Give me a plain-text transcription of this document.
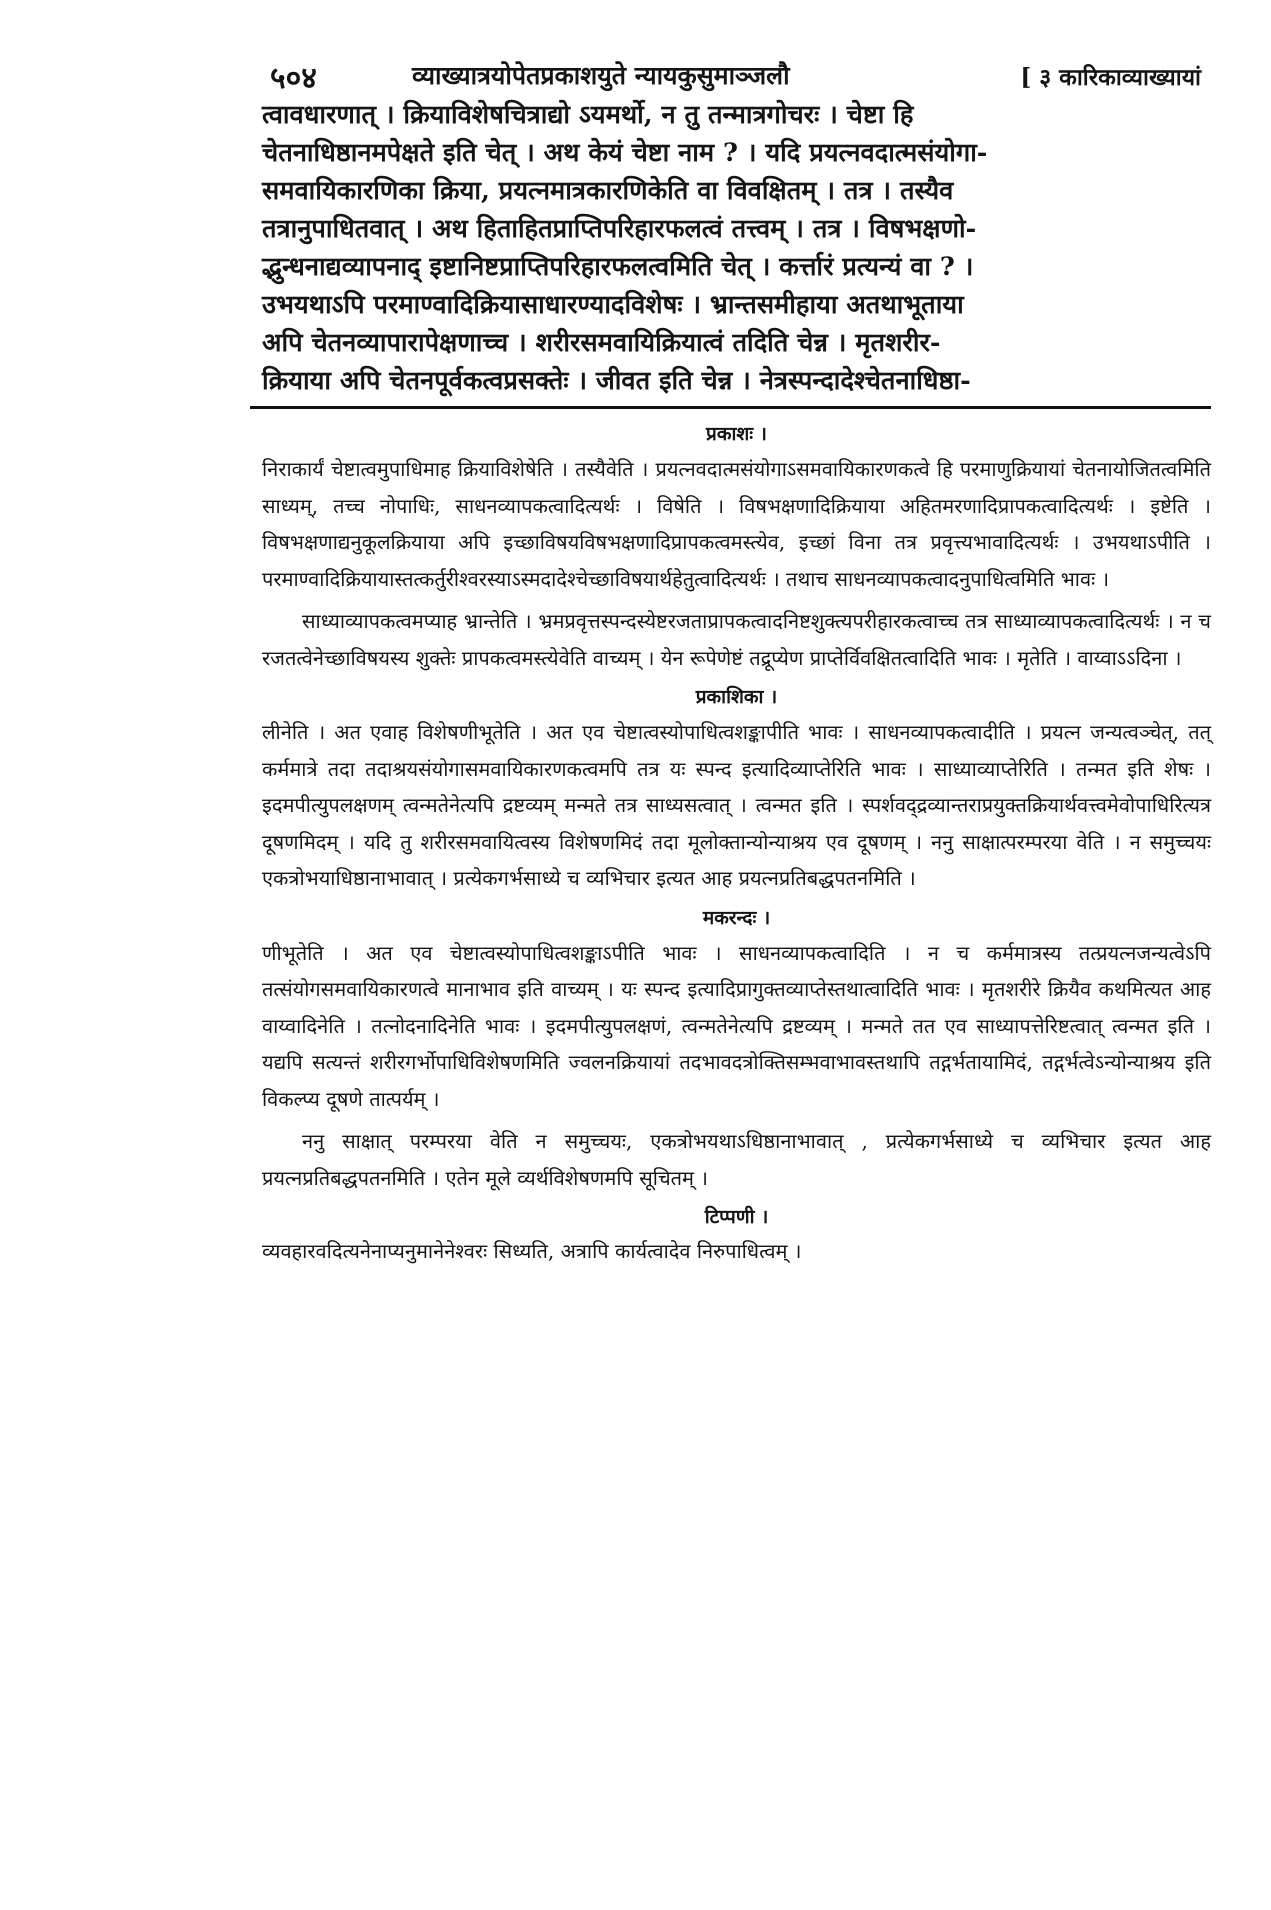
५०४	व्याख्यात्रयोपेतप्रकाशयुते न्यायकुसुमाञ्जलौ	[ ३ कारिकाव्याख्यायां

त्वावधारणात् । क्रियाविशेषचित्राद्यो ऽयमर्थो, न तु तन्मात्रगोचरः । चेष्टा हि

चेतनाधिष्ठानमपेक्षते इति चेत् । अथ केयं चेष्टा नाम ? । यदि प्रयत्नवदात्मसंयोगा-

समवायिकारणिका क्रिया, प्रयत्नमात्रकारणिकेति वा विवक्षितम् । तत्र । तस्यैव

तत्रानुपाधितवात् । अथ हिताहितप्राप्तिपरिहारफलत्वं तत्त्वम् । तत्र । विषभक्षणो-

द्भुन्धनाद्यव्यापनाद् इष्टानिष्टप्राप्तिपरिहारफलत्वमिति चेत् । कर्त्तारं प्रत्यन्यं वा ? ।

उभयथाऽपि परमाण्वादिक्रियासाधारण्यादविशेषः । भ्रान्तसमीहाया अतथाभूताया

अपि चेतनव्यापारापेक्षणाच्च । शरीरसमवायिक्रियात्वं तदिति चेन्न । मृतशरीर-

क्रियाया अपि चेतनपूर्वकत्वप्रसक्तेः । जीवत इति चेन्न । नेत्रस्पन्दादेश्चेतनाधिष्ठा-

प्रकाशः ।

निराकार्यं चेष्टात्वमुपाधिमाह क्रियाविशेषेति । तस्यैवेति । प्रयत्नवदात्मसंयोगाऽसमवायिकारणकत्वे हि परमाणुक्रियायां चेतनायोजितत्वमिति साध्यम्, तच्च नोपाधिः, साधनव्यापकत्वादित्यर्थः । विषेति । विषभक्षणादिक्रियाया अहितमरणादिप्रापकत्वादित्यर्थः । इष्टेति । विषभक्षणाद्यनुकूलक्रियाया अपि इच्छाविषयविषभक्षणादिप्रापकत्वमस्त्येव, इच्छां विना तत्र प्रवृत्त्यभावादित्यर्थः । उभयथाऽपीति । परमाण्वादिक्रियायास्तत्कर्तुरीश्वरस्याऽस्मदादेश्चेच्छाविषयार्थहेतुत्वादित्यर्थः । तथाच साधनव्यापकत्वादनुपाधित्वमिति भावः ।

साध्याव्यापकत्वमप्याह भ्रान्तेति । भ्रमप्रवृत्तस्पन्दस्येष्टरजताप्रापकत्वादनिष्टशुक्त्यपरीहारकत्वाच्च तत्र साध्याव्यापकत्वादित्यर्थः । न च रजतत्वेनेच्छाविषयस्य शुक्तेः प्रापकत्वमस्त्येवेति वाच्यम् । येन रूपेणेष्टं तद्रूप्येण प्राप्तेर्विवक्षितत्वादिति भावः । मृतेति । वाय्वाऽऽदिना ।

प्रकाशिका ।

लीनेति । अत एवाह विशेषणीभूतेति । अत एव चेष्टात्वस्योपाधित्वशङ्कापीति भावः । साधनव्यापकत्वादीति । प्रयत्न जन्यत्वञ्चेत्, तत् कर्ममात्रे तदा तदाश्रयसंयोगासमवायिकारणकत्वमपि तत्र यः स्पन्द इत्यादिव्याप्तेरिति भावः । साध्याव्याप्तेरिति । तन्मत इति शेषः । इदमपीत्युपलक्षणम् त्वन्मतेनेत्यपि द्रष्टव्यम् मन्मते तत्र साध्यसत्वात् । त्वन्मत इति । स्पर्शवद्द्रव्यान्तराप्रयुक्तक्रियार्थवत्त्वमेवोपाधिरित्यत्र दूषणमिदम् । यदि तु शरीरसमवायित्वस्य विशेषणमिदं तदा मूलोक्तान्योन्याश्रय एव दूषणम् । ननु साक्षात्परम्परया वेति । न समुच्चयः एकत्रोभयाधिष्ठानाभावात् । प्रत्येकगर्भसाध्ये च व्यभिचार इत्यत आह प्रयत्नप्रतिबद्धपतनमिति ।

मकरन्दः ।

णीभूतेति । अत एव चेष्टात्वस्योपाधित्वशङ्काऽपीति भावः । साधनव्यापकत्वादिति । न च कर्ममात्रस्य तत्प्रयत्नजन्यत्वेऽपि तत्संयोगसमवायिकारणत्वे मानाभाव इति वाच्यम् । यः स्पन्द इत्यादिप्रागुक्तव्याप्तेस्तथात्वादिति भावः । मृतशरीरे क्रियैव कथमित्यत आह वाय्वादिनेति । तत्नोदनादिनेति भावः । इदमपीत्युपलक्षणं, त्वन्मतेनेत्यपि द्रष्टव्यम् । मन्मते तत एव साध्यापत्तेरिष्टत्वात् त्वन्मत इति । यद्यपि सत्यन्तं शरीरगर्भोपाधिविशेषणमिति ज्वलनक्रियायां तदभावदत्रोक्तिसम्भवाभावस्तथापि तद्गर्भतायामिदं, तद्गर्भत्वेऽन्योन्याश्रय इति विकल्प्य दूषणे तात्पर्यम् ।

ननु साक्षात् परम्परया वेति न समुच्चयः, एकत्रोभयथाऽधिष्ठानाभावात् , प्रत्येकगर्भसाध्ये च व्यभिचार इत्यत आह प्रयत्नप्रतिबद्धपतनमिति । एतेन मूले व्यर्थविशेषणमपि सूचितम् ।

टिप्पणी ।

व्यवहारवदित्यनेनाप्यनुमानेनेश्वरः सिध्यति, अत्रापि कार्यत्वादेव निरुपाधित्वम् ।
